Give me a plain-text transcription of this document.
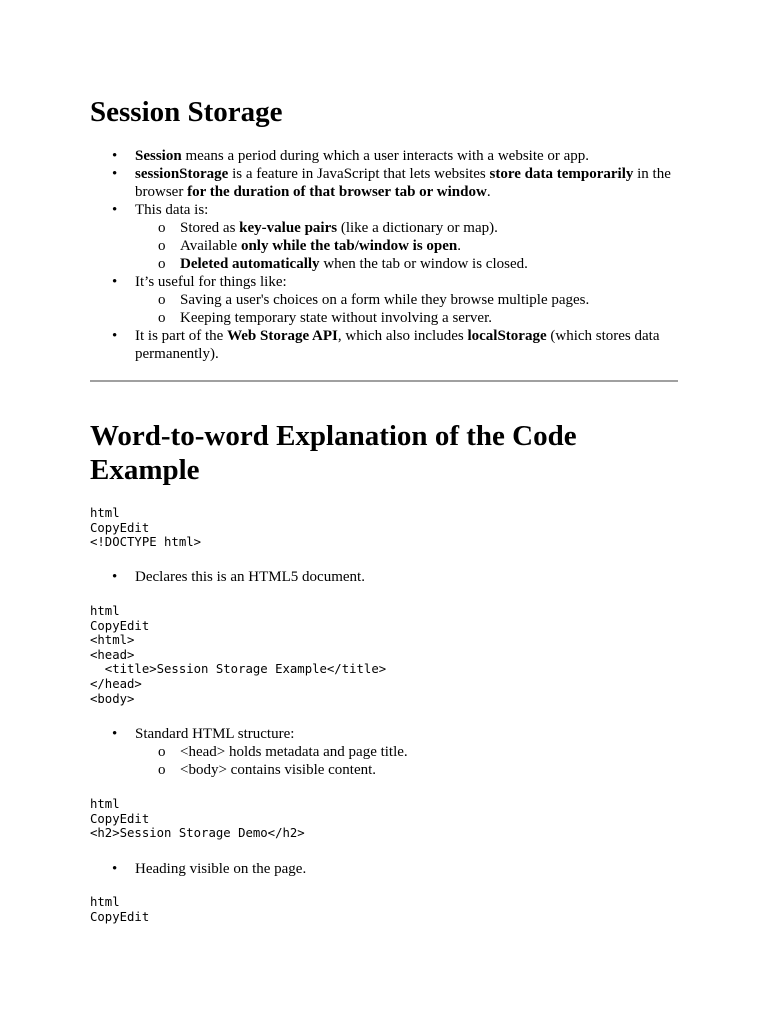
Session Storage
• Session means a period during which a user interacts with a website or app.
• sessionStorage is a feature in JavaScript that lets websites store data temporarily in the browser for the duration of that browser tab or window.
• This data is:
o Stored as key-value pairs (like a dictionary or map).
o Available only while the tab/window is open.
o Deleted automatically when the tab or window is closed.
• It’s useful for things like:
o Saving a user's choices on a form while they browse multiple pages.
o Keeping temporary state without involving a server.
• It is part of the Web Storage API, which also includes localStorage (which stores data permanently).
Word-to-word Explanation of the Code Example
html
CopyEdit
<!DOCTYPE html>
• Declares this is an HTML5 document.
html
CopyEdit
<html>
<head>
<title>Session Storage Example</title>
</head>
<body>
• Standard HTML structure:
o <head> holds metadata and page title.
o <body> contains visible content.
html
CopyEdit
<h2>Session Storage Demo</h2>
• Heading visible on the page.
html
CopyEdit
